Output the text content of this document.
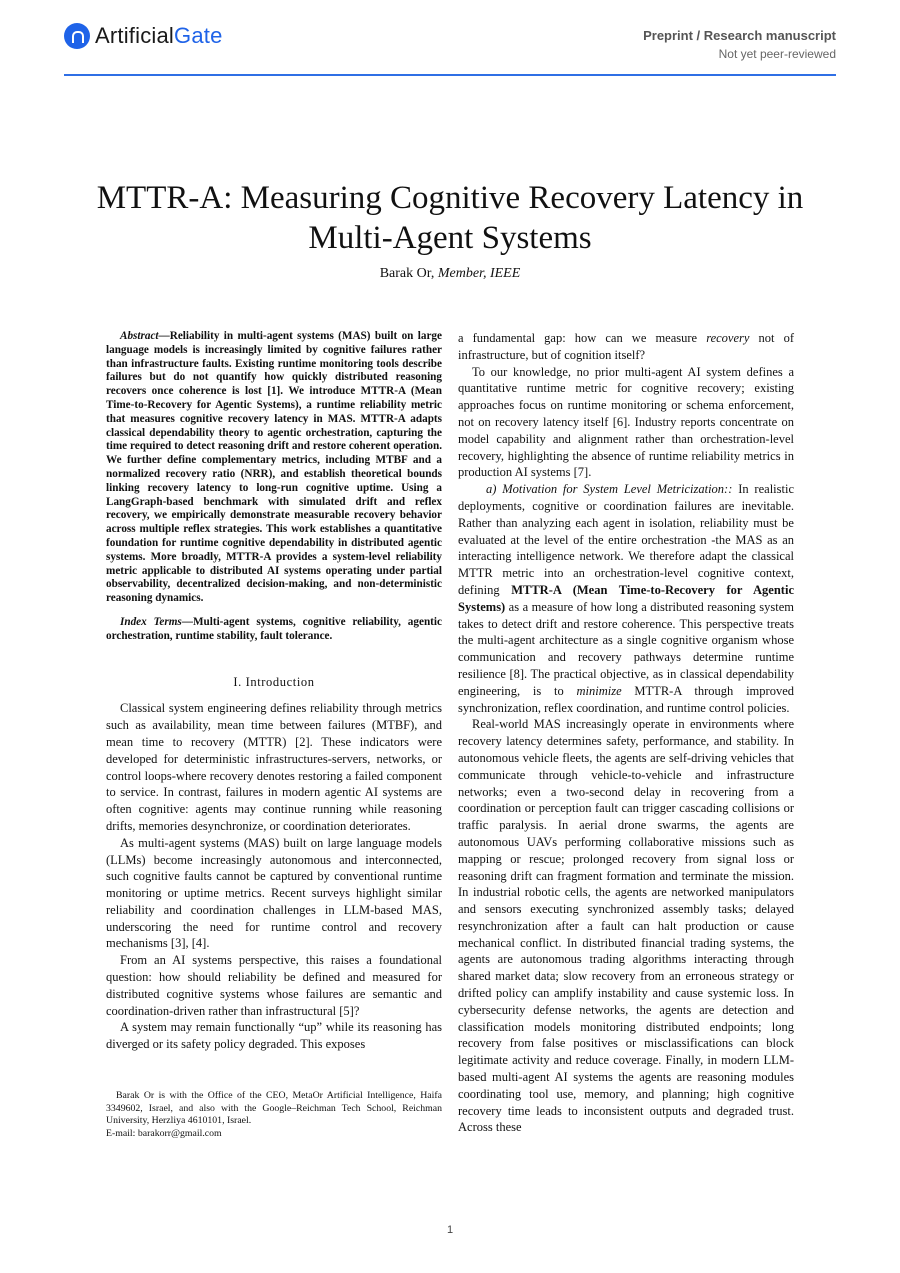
ArtificialGate	Preprint / Research manuscript
Not yet peer-reviewed
MTTR-A: Measuring Cognitive Recovery Latency in Multi-Agent Systems
Barak Or, Member, IEEE

Abstract—Reliability in multi-agent systems (MAS) built on large language models is increasingly limited by cognitive failures rather than infrastructure faults. Existing runtime monitoring tools describe failures but do not quantify how quickly distributed reasoning recovers once coherence is lost [1]. We introduce MTTR-A (Mean Time-to-Recovery for Agentic Systems), a runtime reliability metric that measures cognitive recovery latency in MAS. MTTR-A adapts classical dependability theory to agentic orchestration, capturing the time required to detect reasoning drift and restore coherent operation. We further define complementary metrics, including MTBF and a normalized recovery ratio (NRR), and establish theoretical bounds linking recovery latency to long-run cognitive uptime. Using a LangGraph-based benchmark with simulated drift and reflex recovery, we empirically demonstrate measurable recovery behavior across multiple reflex strategies. This work establishes a quantitative foundation for runtime cognitive dependability in distributed agentic systems. More broadly, MTTR-A provides a system-level reliability metric applicable to distributed AI systems operating under partial observability, decentralized decision-making, and non-deterministic reasoning dynamics.

Index Terms—Multi-agent systems, cognitive reliability, agentic orchestration, runtime stability, fault tolerance.

I. Introduction

Classical system engineering defines reliability through metrics such as availability, mean time between failures (MTBF), and mean time to recovery (MTTR) [2]. These indicators were developed for deterministic infrastructures-servers, networks, or control loops-where recovery denotes restoring a failed component to service. In contrast, failures in modern agentic AI systems are often cognitive: agents may continue running while reasoning drifts, memories desynchronize, or coordination deteriorates.

As multi-agent systems (MAS) built on large language models (LLMs) become increasingly autonomous and interconnected, such cognitive faults cannot be captured by conventional runtime monitoring or uptime metrics. Recent surveys highlight similar reliability and coordination challenges in LLM-based MAS, underscoring the need for runtime control and recovery mechanisms [3], [4].

From an AI systems perspective, this raises a foundational question: how should reliability be defined and measured for distributed cognitive systems whose failures are semantic and coordination-driven rather than infrastructural [5]?

A system may remain functionally “up” while its reasoning has diverged or its safety policy degraded. This exposes

Barak Or is with the Office of the CEO, MetaOr Artificial Intelligence, Haifa 3349602, Israel, and also with the Google–Reichman Tech School, Reichman University, Herzliya 4610101, Israel.

E-mail: barakorr@gmail.com

a fundamental gap: how can we measure recovery not of infrastructure, but of cognition itself?

To our knowledge, no prior multi-agent AI system defines a quantitative runtime metric for cognitive recovery; existing approaches focus on runtime monitoring or schema enforcement, not on recovery latency itself [6]. Industry reports concentrate on model capability and alignment rather than orchestration-level recovery, highlighting the absence of runtime reliability metrics in production AI systems [7].

a) Motivation for System Level Metricization:: In realistic deployments, cognitive or coordination failures are inevitable. Rather than analyzing each agent in isolation, reliability must be evaluated at the level of the entire orchestration -the MAS as an interacting intelligence network. We therefore adapt the classical MTTR metric into an orchestration-level cognitive context, defining MTTR-A (Mean Time-to-Recovery for Agentic Systems) as a measure of how long a distributed reasoning system takes to detect drift and restore coherence. This perspective treats the multi-agent architecture as a single cognitive organism whose communication and recovery pathways determine runtime resilience [8]. The practical objective, as in classical dependability engineering, is to minimize MTTR-A through improved synchronization, reflex coordination, and runtime control policies.

Real-world MAS increasingly operate in environments where recovery latency determines safety, performance, and stability. In autonomous vehicle fleets, the agents are self-driving vehicles that communicate through vehicle-to-vehicle and infrastructure networks; even a two-second delay in recovering from a coordination or perception fault can trigger cascading collisions or traffic paralysis. In aerial drone swarms, the agents are autonomous UAVs performing collaborative missions such as mapping or rescue; prolonged recovery from signal loss or reasoning drift can fragment formation and terminate the mission. In industrial robotic cells, the agents are networked manipulators and sensors executing synchronized assembly tasks; delayed resynchronization after a fault can halt production or cause mechanical conflict. In distributed financial trading systems, the agents are autonomous trading algorithms interacting through shared market data; slow recovery from an erroneous strategy or drifted policy can amplify instability and cause systemic loss. In cybersecurity defense networks, the agents are detection and classification models monitoring distributed endpoints; long recovery from false positives or misclassifications can block legitimate activity and reduce coverage. Finally, in modern LLM-based multi-agent AI systems the agents are reasoning modules coordinating tool use, memory, and planning; high cognitive recovery time leads to inconsistent outputs and degraded trust. Across these

1
